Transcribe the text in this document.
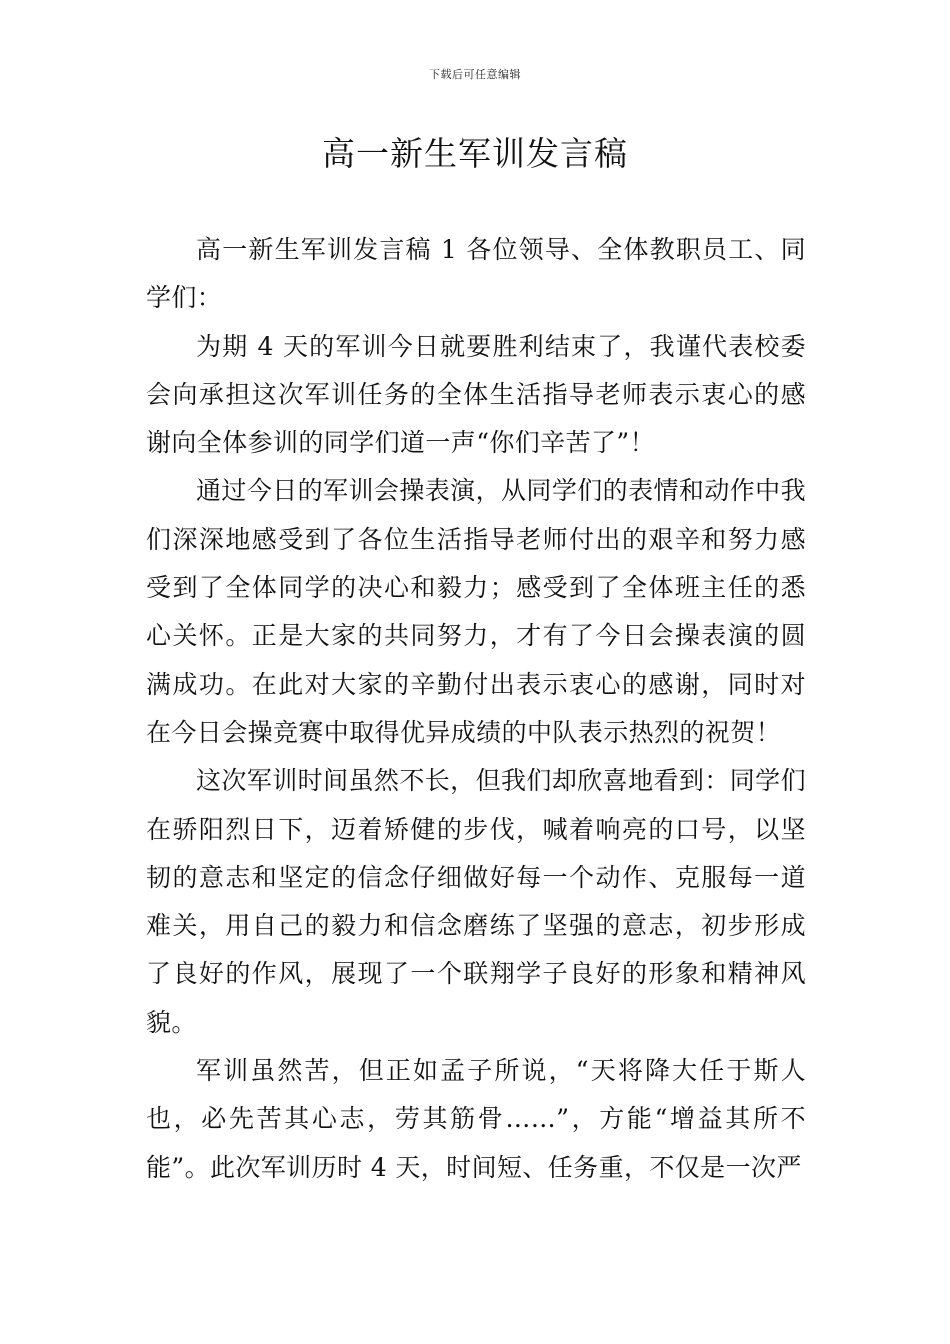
下载后可任意编辑
高一新生军训发言稿

高一新生军训发言稿 1 各位领导、全体教职员工、同学们：

为期 4 天的军训今日就要胜利结束了，我谨代表校委会向承担这次军训任务的全体生活指导老师表示衷心的感谢向全体参训的同学们道一声“你们辛苦了”！

通过今日的军训会操表演，从同学们的表情和动作中我们深深地感受到了各位生活指导老师付出的艰辛和努力感受到了全体同学的决心和毅力；感受到了全体班主任的悉心关怀。正是大家的共同努力，才有了今日会操表演的圆满成功。在此对大家的辛勤付出表示衷心的感谢，同时对在今日会操竞赛中取得优异成绩的中队表示热烈的祝贺！

这次军训时间虽然不长，但我们却欣喜地看到：同学们在骄阳烈日下，迈着矫健的步伐，喊着响亮的口号，以坚韧的意志和坚定的信念仔细做好每一个动作、克服每一道难关，用自己的毅力和信念磨练了坚强的意志，初步形成了良好的作风，展现了一个联翔学子良好的形象和精神风貌。

军训虽然苦，但正如孟子所说，“天将降大任于斯人也，必先苦其心志，劳其筋骨……”，方能“增益其所不能”。此次军训历时 4 天，时间短、任务重，不仅是一次严
